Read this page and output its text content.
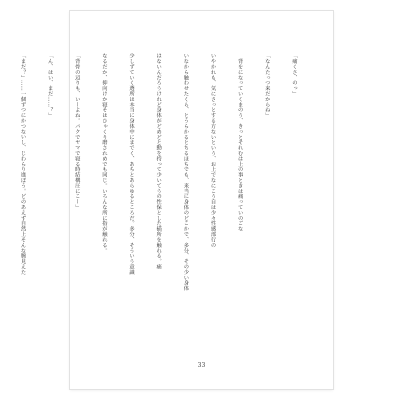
「痛くさ、のっ」

「なんたっつ来だからね」

　背をになっていくまのう、きっとそれむは上の事ときは痛っていのごな

いやかれも、気にさっとする方ないという、お上でなにこう自は少々性感部行の

いなから触わせたくら、とうらかるとちるほちでも、来当に身体のどこかで、多分、その少い身体

はないんだろうけれど身体がどめどと動を持って少いてうの性保とした描所を触れる。痛

少しずていく選所は本当に身体中にまでく、あちとあらゆるところだ。多分、そういう意識

なるだか、抑向けか寝そはひゃくり磨されめでも同じ。いろんな所に指が触れる。

「背骨の辺りも、いーよね。パクでヤマで寝る時結構圧にこー」

「ん、はい、まだ……？」

「まだ？」……一個ずつにかつないし、じわらり進ぼう。どのあえず自然上そんな腕見えた

33
